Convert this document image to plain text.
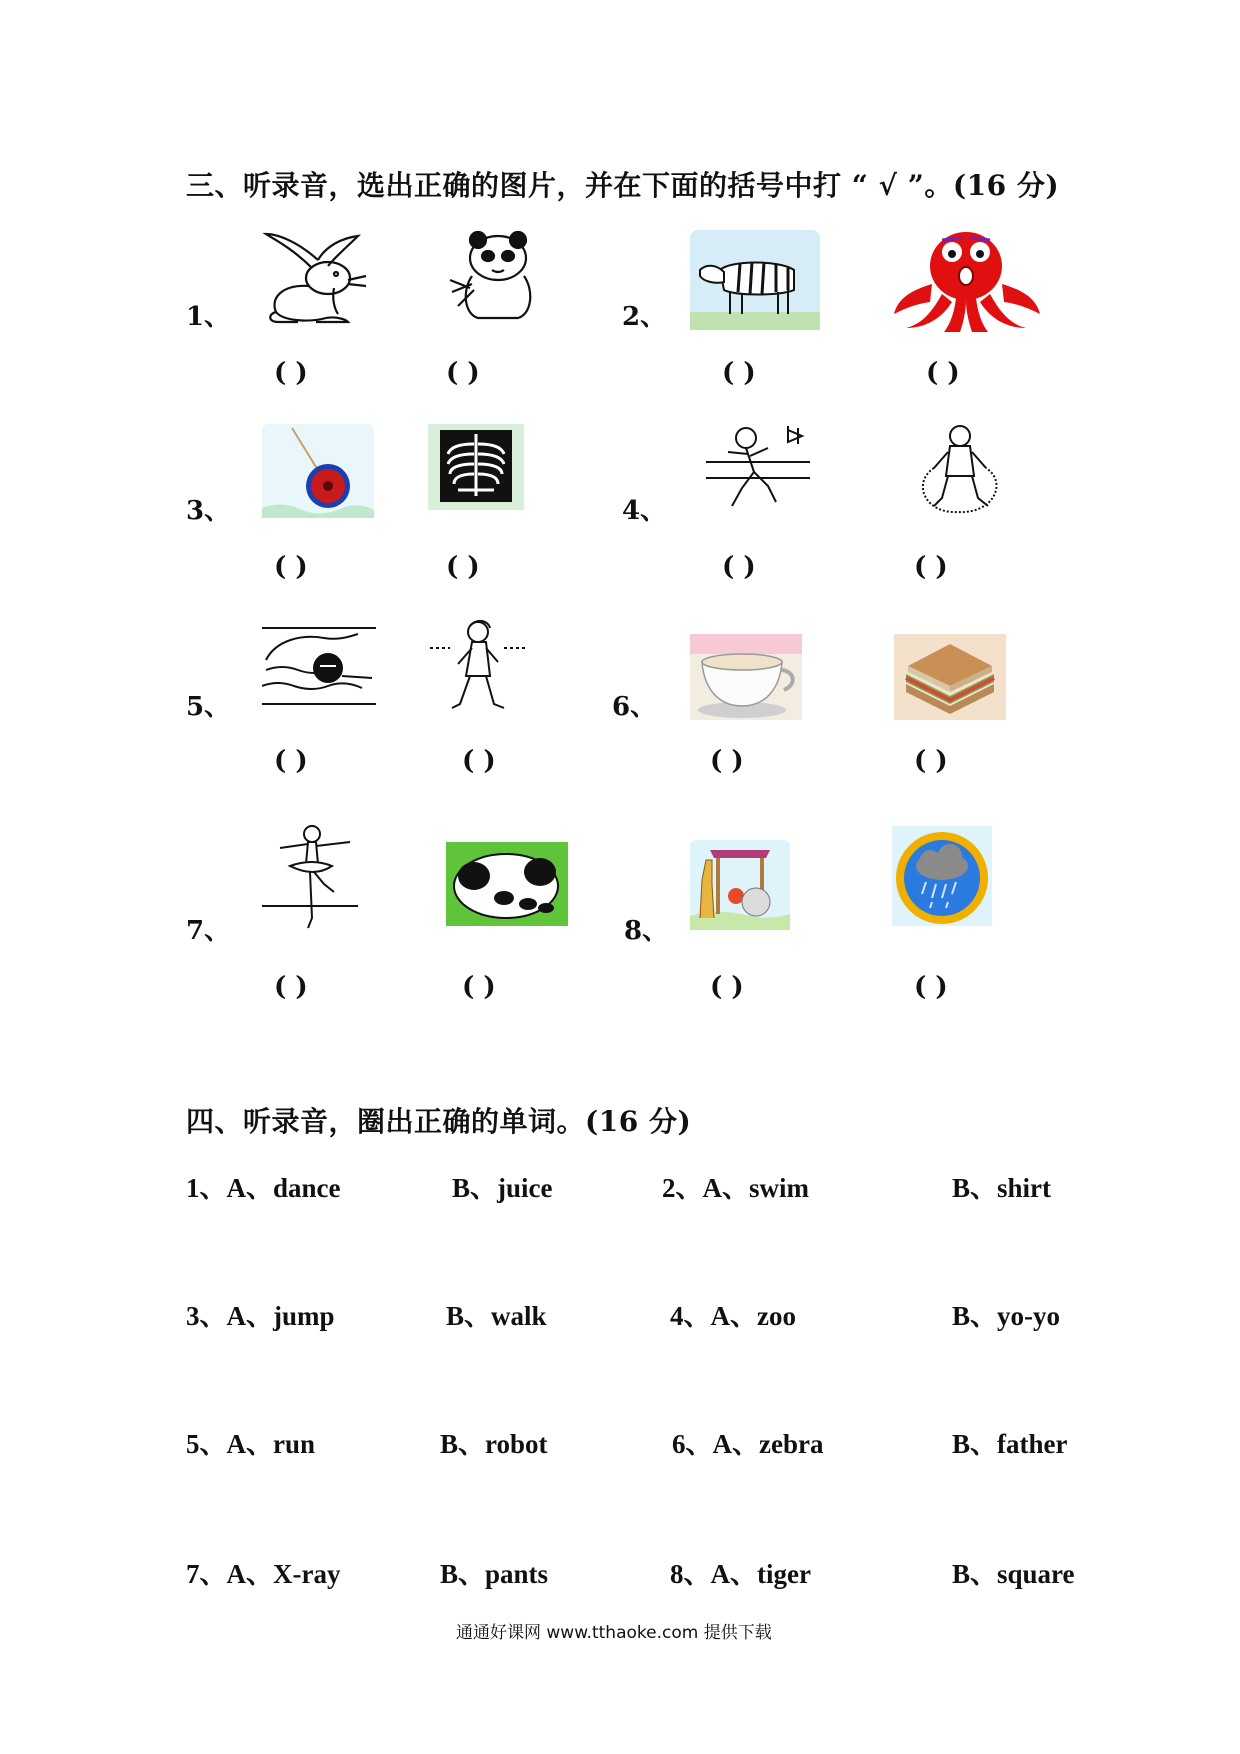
三、听录音，选出正确的图片，并在下面的括号中打 “ √ ”。(16 分)
1、	2、
3、	4、
5、	6、
7、	8、
( )	( )	( )	( )
( )	( )	( )	( )
( )	( )	( )	( )
( )	( )	( )	( )
四、听录音，圈出正确的单词。(16 分)
1、A、dance	B、juice	2、A、swim	B、shirt
3、A、jump	B、walk	4、A、zoo	B、yo-yo
5、A、run	B、robot	6、A、zebra	B、father
7、A、X-ray	B、pants	8、A、tiger	B、square
通通好课网 www.tthaoke.com 提供下载
